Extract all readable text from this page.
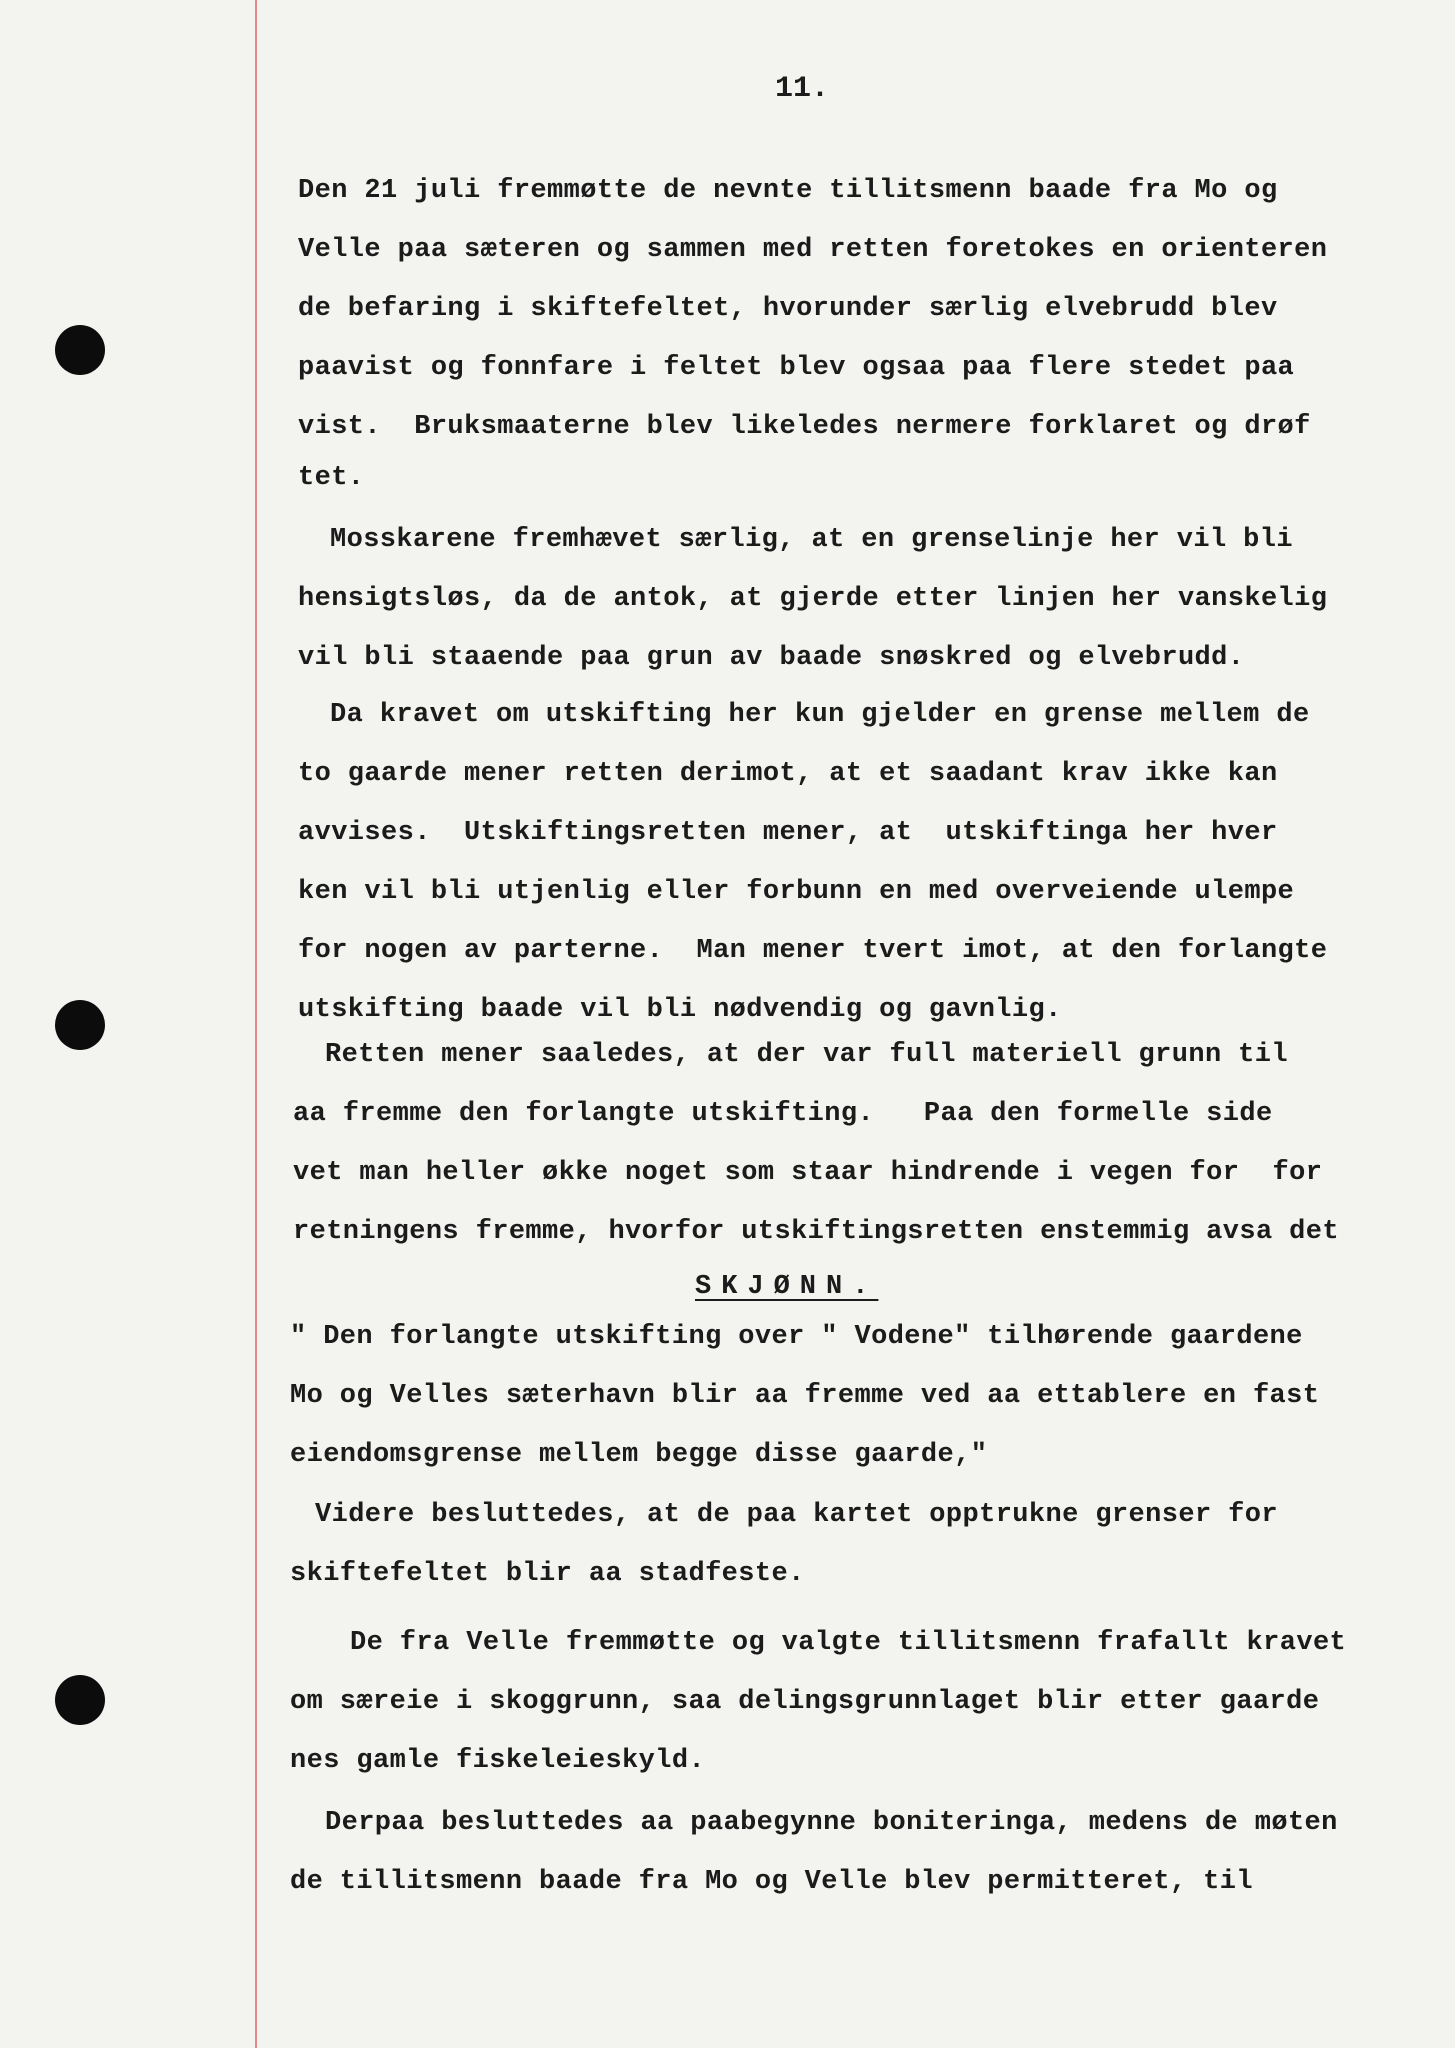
11.
Den 21 juli fremmøtte de nevnte tillitsmenn baade fra Mo og
Velle paa sæteren og sammen med retten foretokes en orienteren
de befaring i skiftefeltet, hvorunder særlig elvebrudd blev
paavist og fonnfare i feltet blev ogsaa paa flere stedet paa
vist.  Bruksmaaterne blev likeledes nermere forklaret og drøf
tet.
Mosskarene fremhævet særlig, at en grenselinje her vil bli
hensigtsløs, da de antok, at gjerde etter linjen her vanskelig
vil bli staaende paa grun av baade snøskred og elvebrudd.
Da kravet om utskifting her kun gjelder en grense mellem de
to gaarde mener retten derimot, at et saadant krav ikke kan
avvises.  Utskiftingsretten mener, at  utskiftinga her hver
ken vil bli utjenlig eller forbunn en med overveiende ulempe
for nogen av parterne.  Man mener tvert imot, at den forlangte
utskifting baade vil bli nødvendig og gavnlig.
Retten mener saaledes, at der var full materiell grunn til
aa fremme den forlangte utskifting.   Paa den formelle side
vet man heller økke noget som staar hindrende i vegen for  for
retningens fremme, hvorfor utskiftingsretten enstemmig avsa det
SKJØNN.
" Den forlangte utskifting over " Vodene" tilhørende gaardene
Mo og Velles sæterhavn blir aa fremme ved aa ettablere en fast
eiendomsgrense mellem begge disse gaarde,"
Videre besluttedes, at de paa kartet opptrukne grenser for
skiftefeltet blir aa stadfeste.
De fra Velle fremmøtte og valgte tillitsmenn frafallt kravet
om særeie i skoggrunn, saa delingsgrunnlaget blir etter gaarde
nes gamle fiskeleieskyld.
Derpaa besluttedes aa paabegynne boniteringa, medens de møten
de tillitsmenn baade fra Mo og Velle blev permitteret, til
